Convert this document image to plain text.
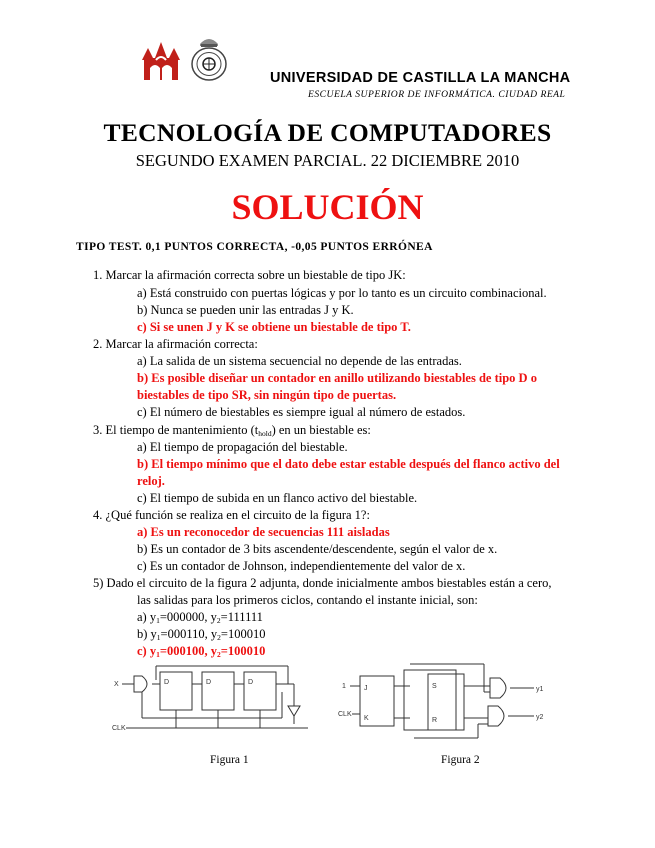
UNIVERSIDAD DE CASTILLA LA MANCHA
ESCUELA SUPERIOR DE INFORMÁTICA. CIUDAD REAL
TECNOLOGÍA DE COMPUTADORES
SEGUNDO EXAMEN PARCIAL. 22 DICIEMBRE 2010
SOLUCIÓN
TIPO TEST. 0,1 PUNTOS CORRECTA, -0,05 PUNTOS ERRÓNEA
1. Marcar la afirmación correcta sobre un biestable de tipo JK:
a) Está construido con puertas lógicas y por lo tanto es un circuito combinacional.
b) Nunca se pueden unir las entradas J y K.
c) Si se unen J y K se obtiene un biestable de tipo T.
2. Marcar la afirmación correcta:
a) La salida de un sistema secuencial no depende de las entradas.
b) Es posible diseñar un contador en anillo utilizando biestables de tipo D o
biestables de tipo SR, sin ningún tipo de puertas.
c) El número de biestables es siempre igual al número de estados.
3. El tiempo de mantenimiento $(t_{hold})$ en un biestable es:
a) El tiempo de propagación del biestable.
b) El tiempo mínimo que el dato debe estar estable después del flanco activo del
reloj.
c) El tiempo de subida en un flanco activo del biestable.
4. ¿Qué función se realiza en el circuito de la figura 1?:
a) Es un reconocedor de secuencias 111 aisladas
b) Es un contador de 3 bits ascendente/descendente, según el valor de x.
c) Es un contador de Johnson, independientemente del valor de x.
5) Dado el circuito de la figura 2 adjunta, donde inicialmente ambos biestables están a cero,
las salidas para los primeros ciclos, contando el instante inicial, son:
a) $y_1=000000$, $y_2=111111$
b) $y_1=000110$, $y_2=100010$
c) $y_1=000100$, $y_2=100010$
X
CLK
D	D	D
1
CLK
J
K
S
R
y1
y2
Figura 1	Figura 2
